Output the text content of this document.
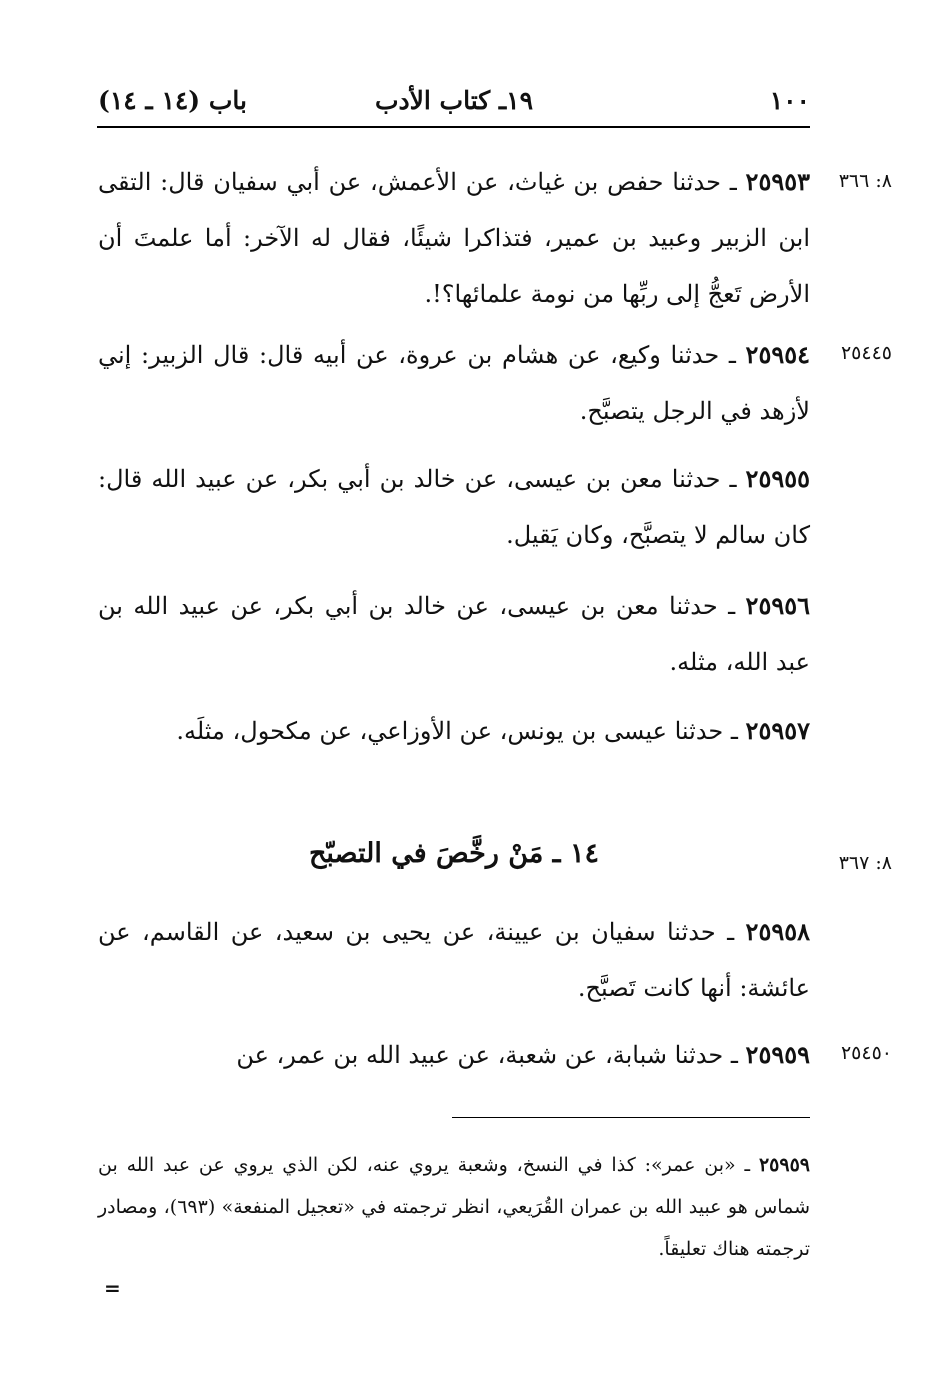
١٠٠
١٩ـ كتاب الأدب
باب (١٤ ـ ١٤)
٨: ٣٦٦
٢٥٤٤٥
٨: ٣٦٧
٢٥٤٥٠
٢٥٩٥٣ ـ حدثنا حفص بن غياث، عن الأعمش، عن أبي سفيان قال: التقى ابن الزبير وعبيد بن عمير، فتذاكرا شيئًا، فقال له الآخر: أما علمتَ أن الأرض تَعجُّ إلى ربِّها من نومة علمائها؟!.
٢٥٩٥٤ ـ حدثنا وكيع، عن هشام بن عروة، عن أبيه قال: قال الزبير: إني لأزهد في الرجل يتصبَّح.
٢٥٩٥٥ ـ حدثنا معن بن عيسى، عن خالد بن أبي بكر، عن عبيد الله قال: كان سالم لا يتصبَّح، وكان يَقيل.
٢٥٩٥٦ ـ حدثنا معن بن عيسى، عن خالد بن أبي بكر، عن عبيد الله بن عبد الله، مثله.
٢٥٩٥٧ ـ حدثنا عيسى بن يونس، عن الأوزاعي، عن مكحول، مثلَه.
١٤ ـ مَنْ رخَّصَ في التصبّح
٢٥٩٥٨ ـ حدثنا سفيان بن عيينة، عن يحيى بن سعيد، عن القاسم، عن عائشة: أنها كانت تَصبَّح.
٢٥٩٥٩ ـ حدثنا شبابة، عن شعبة، عن عبيد الله بن عمر، عن
٢٥٩٥٩ ـ «بن عمر»: كذا في النسخ، وشعبة يروي عنه، لكن الذي يروي عن عبد الله بن شماس هو عبيد الله بن عمران القُرَيعي، انظر ترجمته في «تعجيل المنفعة» (٦٩٣)، ومصادر ترجمته هناك تعليقاً.
=
